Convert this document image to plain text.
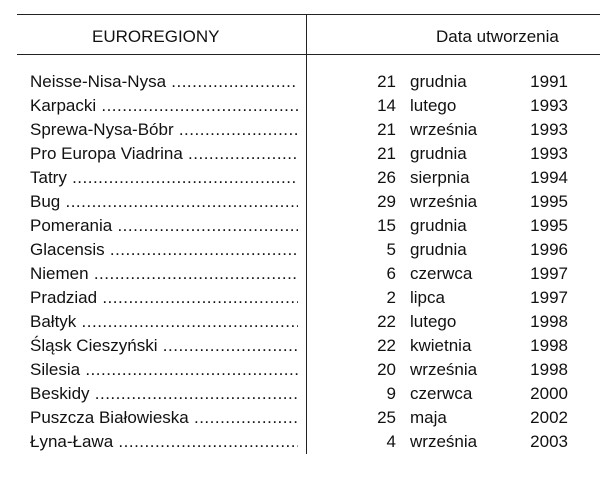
EUROREGIONY	Data utworzenia
Neisse-Nisa-Nysa .....	21 grudnia	1991
Karpacki .....	14 lutego	1993
Sprewa-Nysa-Bóbr .....	21 września	1993
Pro Europa Viadrina .....	21 grudnia	1993
Tatry .....	26 sierpnia	1994
Bug .....	29 września	1995
Pomerania .....	15 grudnia	1995
Glacensis .....	5 grudnia	1996
Niemen .....	6 czerwca	1997
Pradziad .....	2 lipca	1997
Bałtyk .....	22 lutego	1998
Śląsk Cieszyński .....	22 kwietnia	1998
Silesia .....	20 września	1998
Beskidy .....	9 czerwca	2000
Puszcza Białowieska .....	25 maja	2002
Łyna-Ława .....	4 września	2003
